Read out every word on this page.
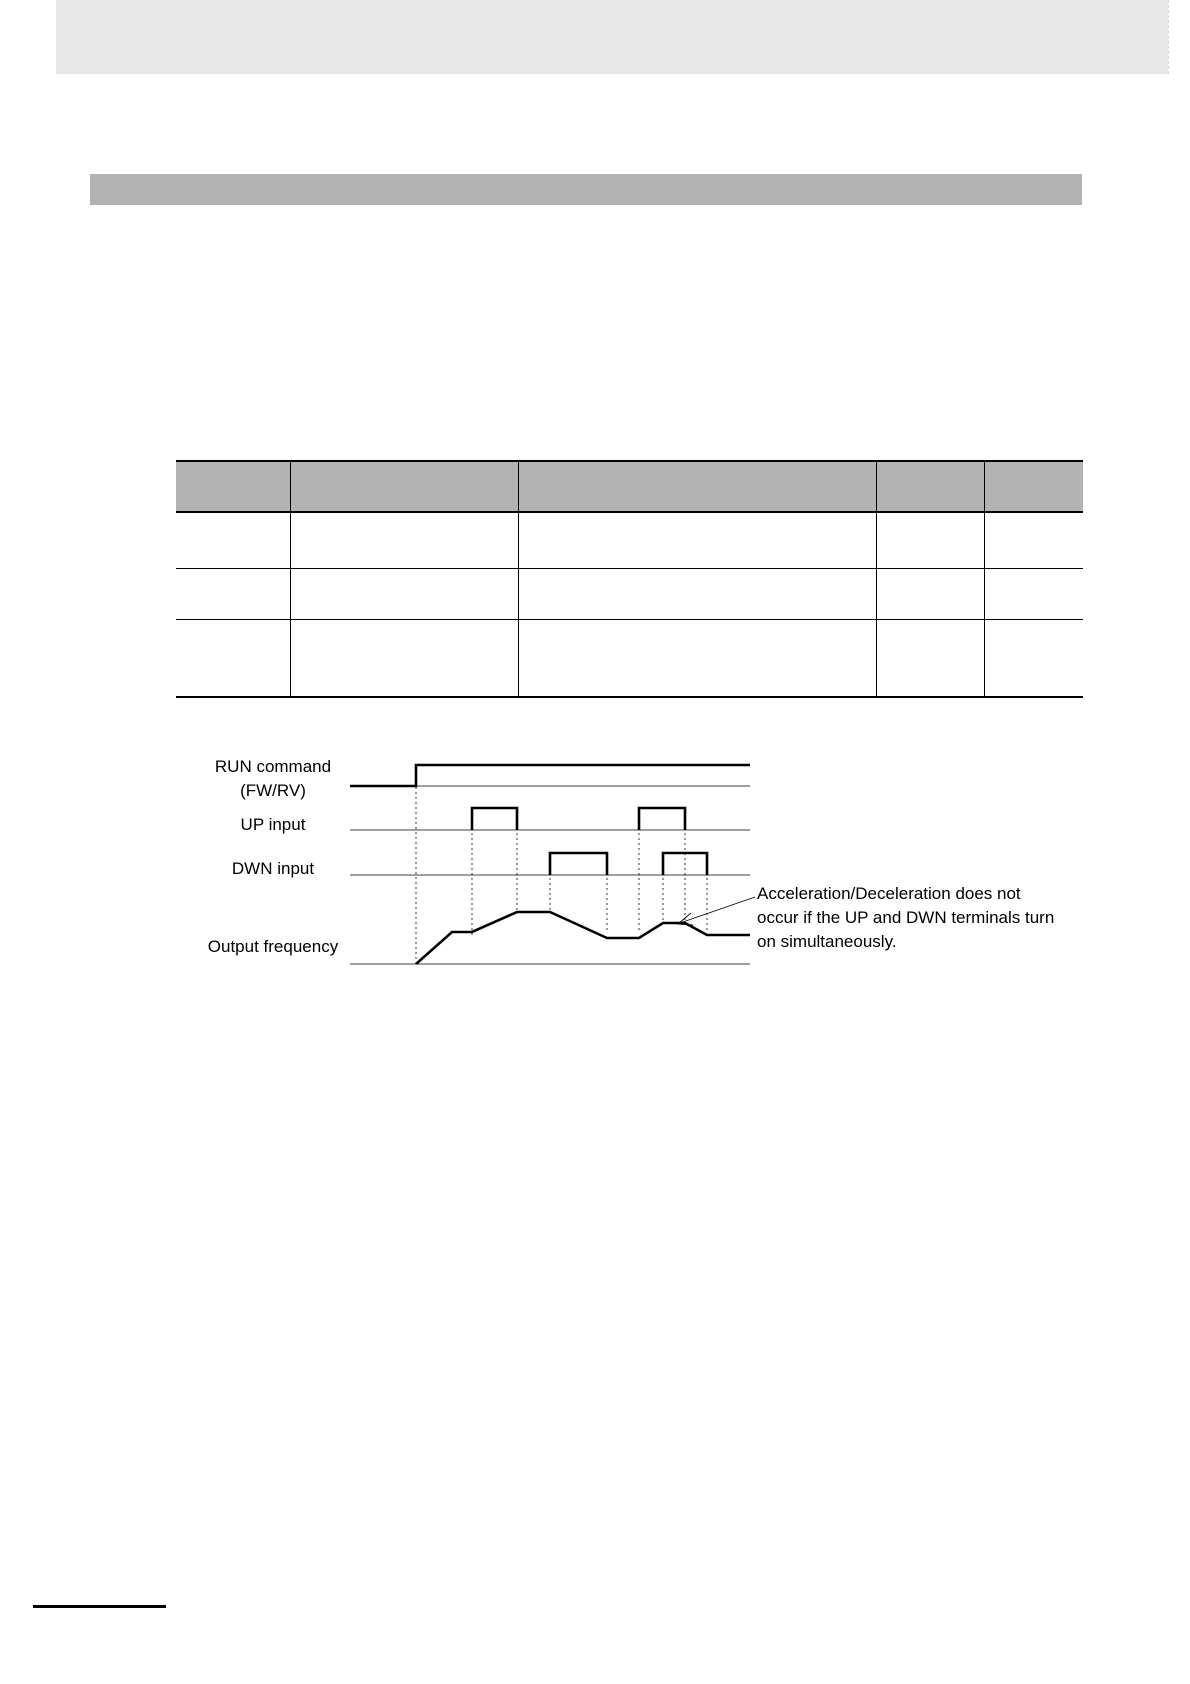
RUN command
(FW/RV)
UP input
DWN input
Output frequency
Acceleration/Deceleration does not
occur if the UP and DWN terminals turn
on simultaneously.
